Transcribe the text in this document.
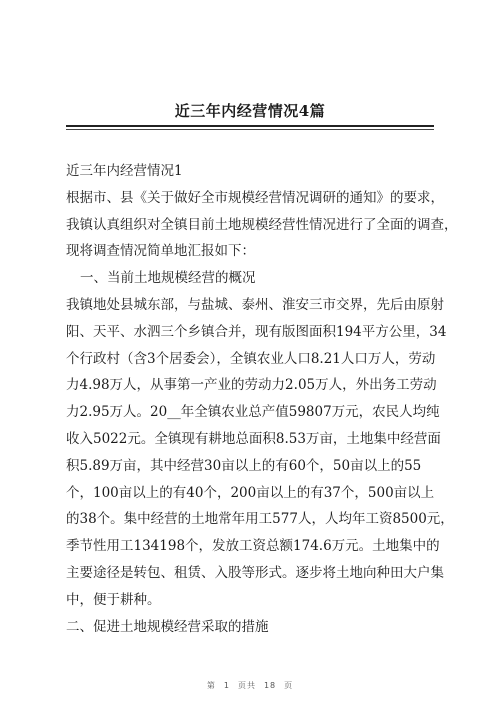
近三年内经营情况4篇
近三年内经营情况1
根据市、县《关于做好全市规模经营情况调研的通知》的要求，
我镇认真组织对全镇目前土地规模经营性情况进行了全面的调查，
现将调查情况简单地汇报如下：
一、当前土地规模经营的概况
我镇地处县城东部，与盐城、泰州、淮安三市交界，先后由原射
阳、天平、水泗三个乡镇合并，现有版图面积194平方公里，34
个行政村（含3个居委会），全镇农业人口8.21人口万人，劳动
力4.98万人，从事第一产业的劳动力2.05万人，外出务工劳动
力2.95万人。20__年全镇农业总产值59807万元，农民人均纯
收入5022元。全镇现有耕地总面积8.53万亩，土地集中经营面
积5.89万亩，其中经营30亩以上的有60个，50亩以上的55
个，100亩以上的有40个，200亩以上的有37个，500亩以上
的38个。集中经营的土地常年用工577人，人均年工资8500元，
季节性用工134198个，发放工资总额174.6万元。土地集中的
主要途径是转包、租赁、入股等形式。逐步将土地向种田大户集
中，便于耕种。
二、促进土地规模经营采取的措施
第 1 页共 18 页
